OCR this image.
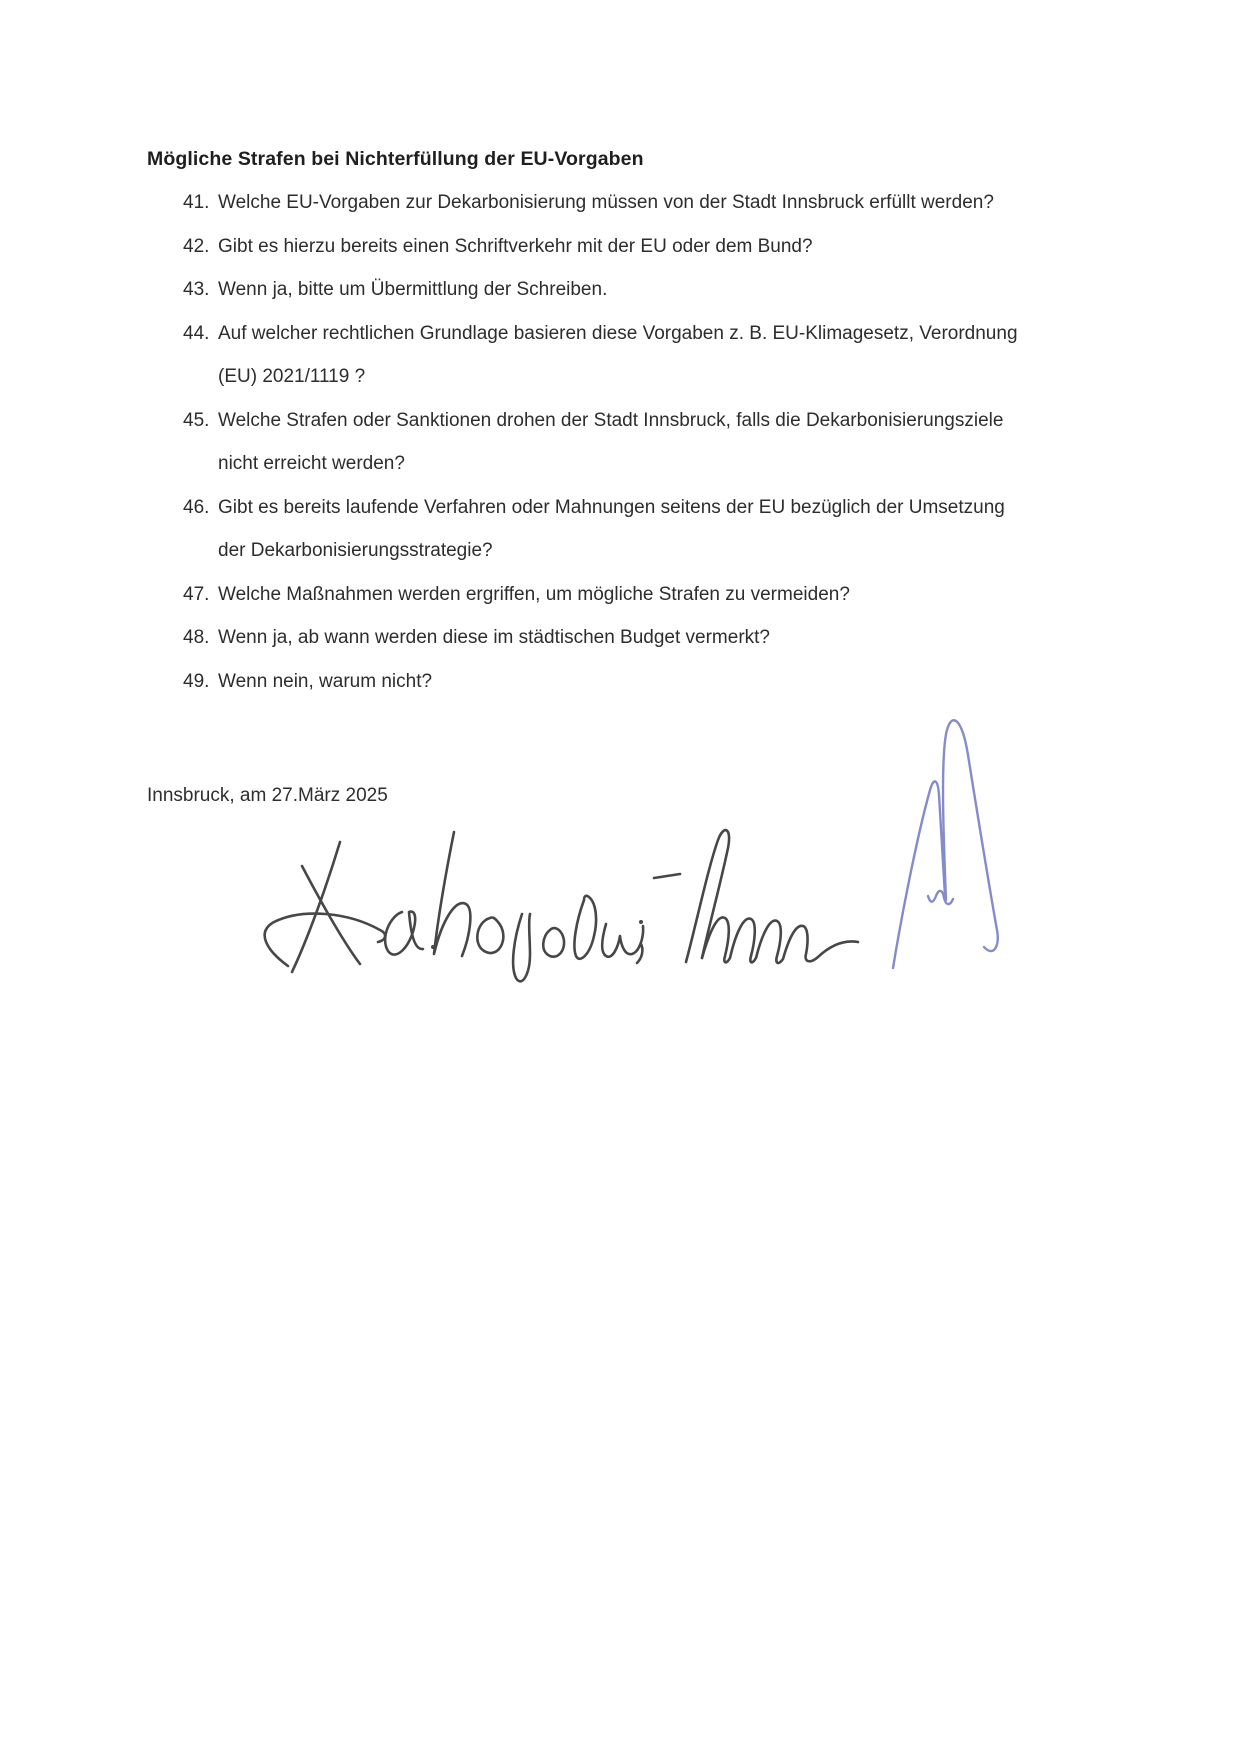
Mögliche Strafen bei Nichterfüllung der EU-Vorgaben
41. Welche EU-Vorgaben zur Dekarbonisierung müssen von der Stadt Innsbruck erfüllt werden?
42. Gibt es hierzu bereits einen Schriftverkehr mit der EU oder dem Bund?
43. Wenn ja, bitte um Übermittlung der Schreiben.
44. Auf welcher rechtlichen Grundlage basieren diese Vorgaben z. B. EU-Klimagesetz, Verordnung
(EU) 2021/1119 ?
45. Welche Strafen oder Sanktionen drohen der Stadt Innsbruck, falls die Dekarbonisierungsziele
nicht erreicht werden?
46. Gibt es bereits laufende Verfahren oder Mahnungen seitens der EU bezüglich der Umsetzung
der Dekarbonisierungsstrategie?
47. Welche Maßnahmen werden ergriffen, um mögliche Strafen zu vermeiden?
48. Wenn ja, ab wann werden diese im städtischen Budget vermerkt?
49. Wenn nein, warum nicht?
Innsbruck, am 27.März 2025
